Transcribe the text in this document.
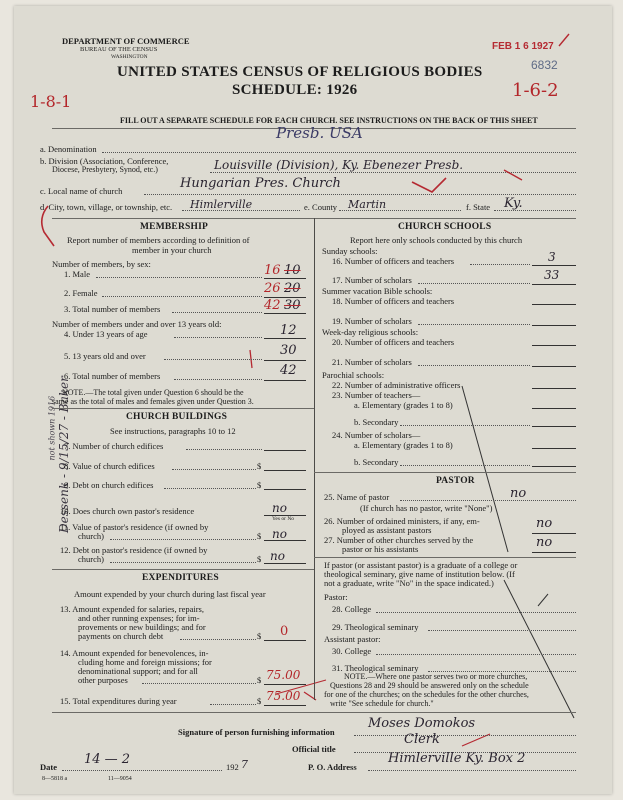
DEPARTMENT OF COMMERCE
BUREAU OF THE CENSUS
WASHINGTON
FEB 1 6 1927
6832
UNITED STATES CENSUS OF RELIGIOUS BODIES
SCHEDULE: 1926
1-8-1
1-6-2
FILL OUT A SEPARATE SCHEDULE FOR EACH CHURCH. SEE INSTRUCTIONS ON THE BACK OF THIS SHEET
a. Denomination
Presb. USA
b. Division (Association, Conference,
Diocese, Presbytery, Synod, etc.)	Louisville (Division), Ky. Ebenezer Presb.
c. Local name of church	Hungarian Pres. Church
d. City, town, village, or township, etc. Himlerville	e. County Martin	f. State Ky.
Dessenk - 9/15/27 - Baker
not shown 1916
MEMBERSHIP
Report number of members according to definition of
member in your church
Number of members, by sex:
1. Male	16 10
2. Female	26 20
3. Total number of members	42 30
Number of members under and over 13 years old:
4. Under 13 years of age	12
5. 13 years old and over	30
6. Total number of members	42
NOTE.—The total given under Question 6 should be the
same as the total of males and females given under Question 3.
CHURCH BUILDINGS
See instructions, paragraphs 10 to 12
7. Number of church edifices
8. Value of church edifices	$
9. Debt on church edifices	$
10. Does church own pastor's residence	no
Yes or No
11. Value of pastor's residence (if owned by
church)	$ no
12. Debt on pastor's residence (if owned by
church)	$ no
EXPENDITURES
Amount expended by your church during last fiscal year
13. Amount expended for salaries, repairs,
and other running expenses; for im-
provements or new buildings; and for
payments on church debt	$ 0
14. Amount expended for benevolences, in-
cluding home and foreign missions; for
denominational support; and for all
other purposes	$ 75.00
15. Total expenditures during year	$ 75.00
CHURCH SCHOOLS
Report here only schools conducted by this church
Sunday schools:
16. Number of officers and teachers	3
17. Number of scholars	33
Summer vacation Bible schools:
18. Number of officers and teachers
19. Number of scholars
Week-day religious schools:
20. Number of officers and teachers
21. Number of scholars
Parochial schools:
22. Number of administrative officers
23. Number of teachers—
a. Elementary (grades 1 to 8)
b. Secondary
24. Number of scholars—
a. Elementary (grades 1 to 8)
b. Secondary
PASTOR
25. Name of pastor	no
(If church has no pastor, write "None")
26. Number of ordained ministers, if any, em-
ployed as assistant pastors	no
27. Number of other churches served by the
pastor or his assistants	no
If pastor (or assistant pastor) is a graduate of a college or
theological seminary, give name of institution below. (If
not a graduate, write "No" in the space indicated.)
Pastor:
28. College
29. Theological seminary
Assistant pastor:
30. College
31. Theological seminary
NOTE.—Where one pastor serves two or more churches,
Questions 28 and 29 should be answered only on the schedule
for one of the churches; on the schedules for the other churches,
write "See schedule for church."
Signature of person furnishing information
Moses Domokos
Official title
Clerk
Date 14 — 2	192 7	P. O. Address
Himlerville Ky. Box 2
8—5818 a	11—9054
